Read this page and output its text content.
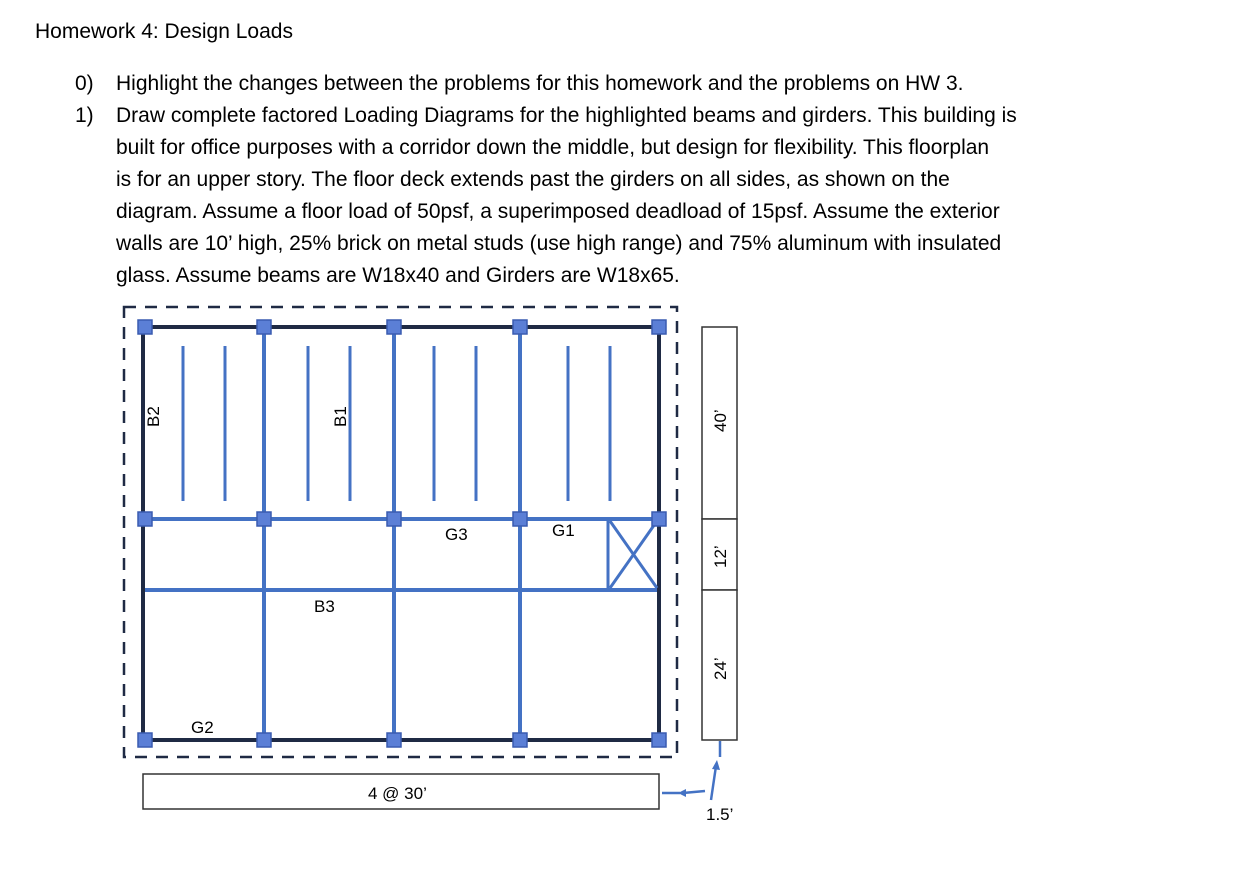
Homework 4: Design Loads
0)	Highlight the changes between the problems for this homework and the problems on HW 3.
1)	Draw complete factored Loading Diagrams for the highlighted beams and girders. This building is
built for office purposes with a corridor down the middle, but design for flexibility. This floorplan
is for an upper story. The floor deck extends past the girders on all sides, as shown on the
diagram. Assume a floor load of 50psf, a superimposed deadload of 15psf. Assume the exterior
walls are 10’ high, 25% brick on metal studs (use high range) and 75% aluminum with insulated
glass. Assume beams are W18x40 and Girders are W18x65.
B2	B1
G3	G1
B3
G2
40’
12’
24’
4 @ 30’
1.5’
